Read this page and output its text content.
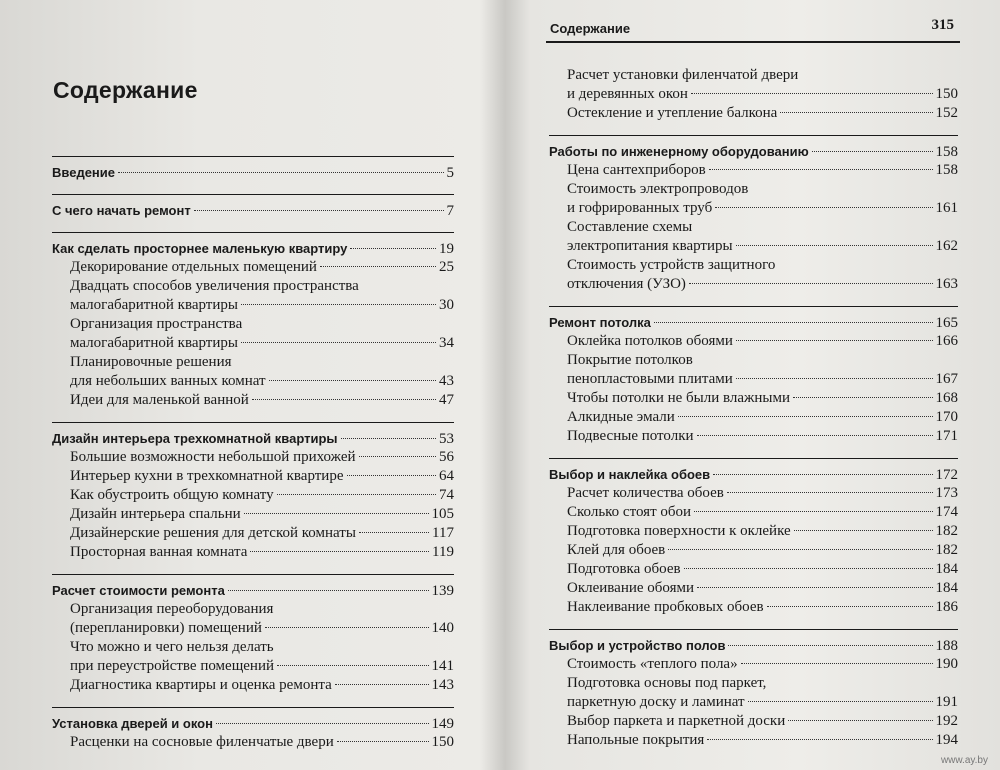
Содержание
Введение	5
С чего начать ремонт	7
Как сделать просторнее маленькую квартиру	19
Декорирование отдельных помещений	25
Двадцать способов увеличения пространства
малогабаритной квартиры	30
Организация пространства
малогабаритной квартиры	34
Планировочные решения
для небольших ванных комнат	43
Идеи для маленькой ванной	47
Дизайн интерьера трехкомнатной квартиры	53
Большие возможности небольшой прихожей	56
Интерьер кухни в трехкомнатной квартире	64
Как обустроить общую комнату	74
Дизайн интерьера спальни	105
Дизайнерские решения для детской комнаты	117
Просторная ванная комната	119
Расчет стоимости ремонта	139
Организация переоборудования
(перепланировки) помещений	140
Что можно и чего нельзя делать
при переустройстве помещений	141
Диагностика квартиры и оценка ремонта	143
Установка дверей и окон	149
Расценки на сосновые филенчатые двери	150
Содержание	315
Расчет установки филенчатой двери
и деревянных окон	150
Остекление и утепление балкона	152
Работы по инженерному оборудованию	158
Цена сантехприборов	158
Стоимость электропроводов
и гофрированных труб	161
Составление схемы
электропитания квартиры	162
Стоимость устройств защитного
отключения (УЗО)	163
Ремонт потолка	165
Оклейка потолков обоями	166
Покрытие потолков
пенопластовыми плитами	167
Чтобы потолки не были влажными	168
Алкидные эмали	170
Подвесные потолки	171
Выбор и наклейка обоев	172
Расчет количества обоев	173
Сколько стоят обои	174
Подготовка поверхности к оклейке	182
Клей для обоев	182
Подготовка обоев	184
Оклеивание обоями	184
Наклеивание пробковых обоев	186
Выбор и устройство полов	188
Стоимость «теплого пола»	190
Подготовка основы под паркет,
паркетную доску и ламинат	191
Выбор паркета и паркетной доски	192
Напольные покрытия	194
www.ay.by
